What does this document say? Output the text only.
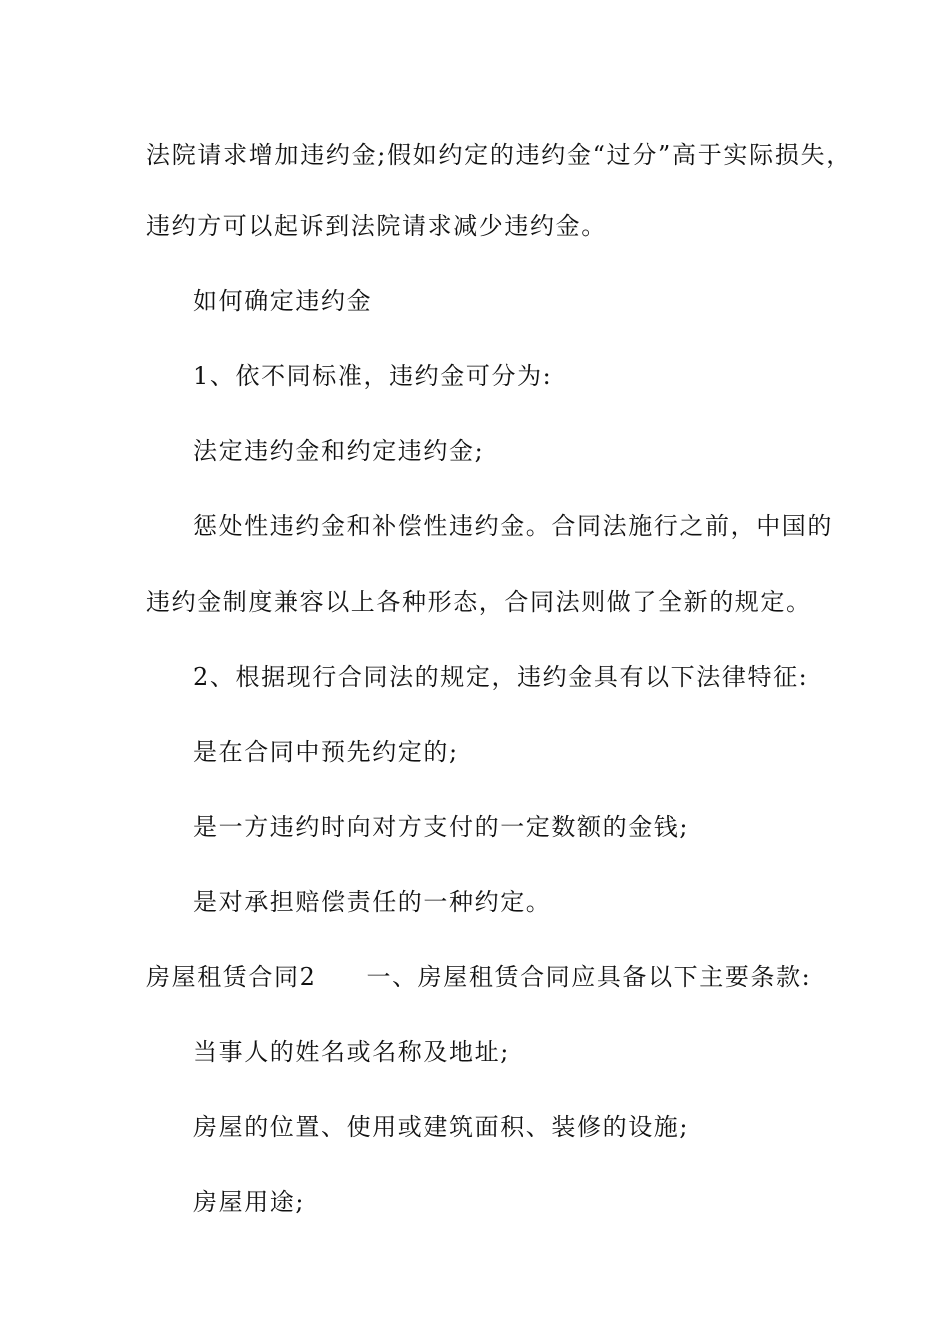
法院请求增加违约金;假如约定的违约金“过分”高于实际损失，
违约方可以起诉到法院请求减少违约金。
如何确定违约金
1、依不同标准，违约金可分为:
法定违约金和约定违约金;
惩处性违约金和补偿性违约金。合同法施行之前，中国的
违约金制度兼容以上各种形态，合同法则做了全新的规定。
2、根据现行合同法的规定，违约金具有以下法律特征:
是在合同中预先约定的;
是一方违约时向对方支付的一定数额的金钱;
是对承担赔偿责任的一种约定。
房屋租赁合同2 一、房屋租赁合同应具备以下主要条款:
当事人的姓名或名称及地址;
房屋的位置、使用或建筑面积、装修的设施;
房屋用途;
